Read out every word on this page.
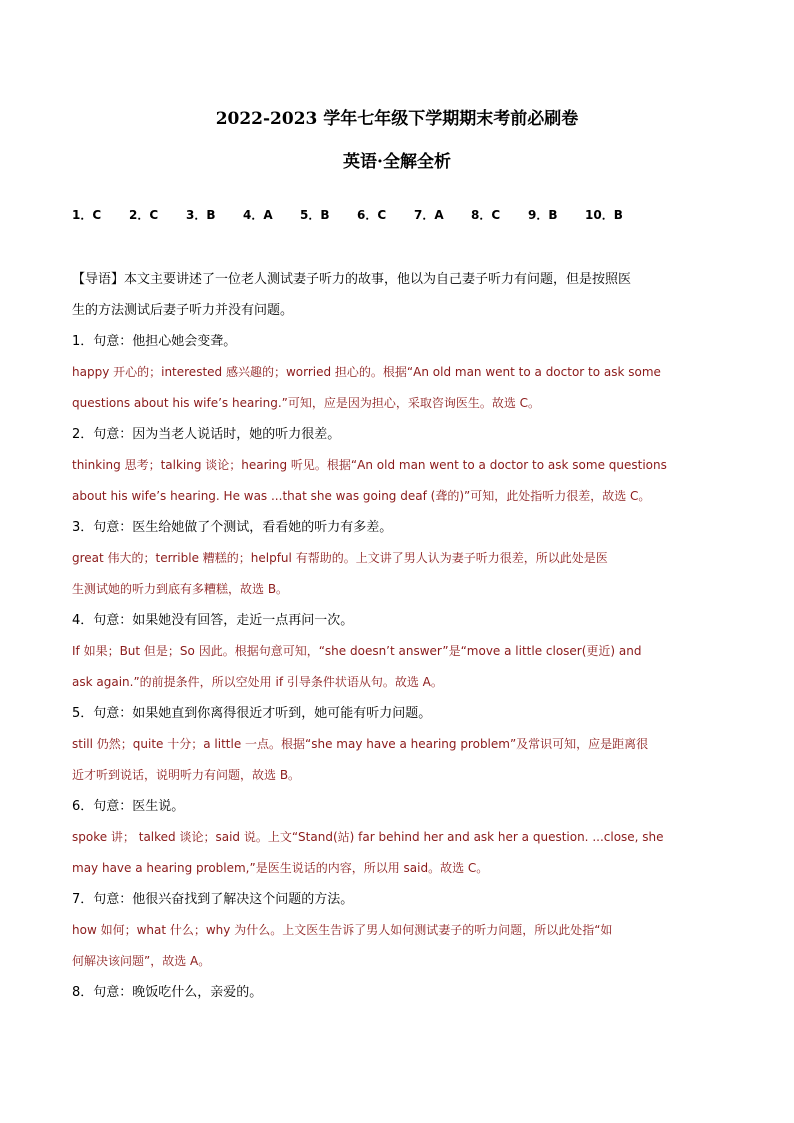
2022-2023 学年七年级下学期期末考前必刷卷
英语·全解全析
1．C 2．C 3．B 4．A 5．B 6．C 7．A 8．C 9．B 10．B
【导语】本文主要讲述了一位老人测试妻子听力的故事，他以为自己妻子听力有问题，但是按照医
生的方法测试后妻子听力并没有问题。
1．句意：他担心她会变聋。
happy 开心的；interested 感兴趣的；worried 担心的。根据“An old man went to a doctor to ask some
questions about his wife’s hearing.”可知，应是因为担心，采取咨询医生。故选 C。
2．句意：因为当老人说话时，她的听力很差。
thinking 思考；talking 谈论；hearing 听见。根据“An old man went to a doctor to ask some questions
about his wife’s hearing. He was ...that she was going deaf (聋的)”可知，此处指听力很差，故选 C。
3．句意：医生给她做了个测试，看看她的听力有多差。
great 伟大的；terrible 糟糕的；helpful 有帮助的。上文讲了男人认为妻子听力很差，所以此处是医
生测试她的听力到底有多糟糕，故选 B。
4．句意：如果她没有回答，走近一点再问一次。
If 如果；But 但是；So 因此。根据句意可知，“she doesn’t answer”是“move a little closer(更近) and
ask again.”的前提条件，所以空处用 if 引导条件状语从句。故选 A。
5．句意：如果她直到你离得很近才听到，她可能有听力问题。
still 仍然；quite 十分；a little 一点。根据“she may have a hearing problem”及常识可知，应是距离很
近才听到说话，说明听力有问题，故选 B。
6．句意：医生说。
spoke 讲； talked 谈论；said 说。上文“Stand(站) far behind her and ask her a question. ...close, she
may have a hearing problem,”是医生说话的内容，所以用 said。故选 C。
7．句意：他很兴奋找到了解决这个问题的方法。
how 如何；what 什么；why 为什么。上文医生告诉了男人如何测试妻子的听力问题，所以此处指“如
何解决该问题”，故选 A。
8．句意：晚饭吃什么，亲爱的。
